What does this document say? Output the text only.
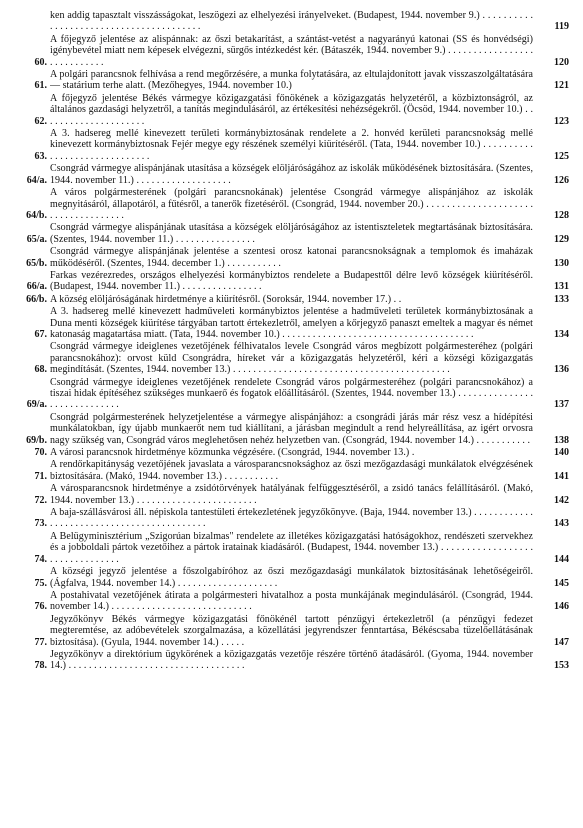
ken addig tapasztalt visszásságokat, leszögezi az elhelyezési irányelveket. (Budapest, 1944. november 9.) . . . . . . . . . . . . . . . . . . . . . . . . . . . . . . . . . . . . . . . .	119
60.
A főjegyző jelentése az alispánnak: az őszi betakarítást, a szántást-vetést a nagyarányú katonai (SS és honvédségi) igénybevétel miatt nem képesek elvégezni, sürgős intézkedést kér. (Bátaszék, 1944. november 9.) . . . . . . . . . . . . . . . . . . . . . . . . . . . .	120
61.
A polgári parancsnok felhívása a rend megőrzésére, a munka folytatására, az eltulajdonított javak visszaszolgáltatására — statárium terhe alatt. (Mezőhegyes, 1944. november 10.)	121
62.
A főjegyző jelentése Békés vármegye közigazgatási főnökének a közigazgatás helyzetéről, a közbiztonságról, az általános gazdasági helyzetről, a tanítás megindulásáról, az értékesítési nehézségekről. (Öcsöd, 1944. november 10.) . . . . . . . . . . . . . . . . . . . . .	123
63.
A 3. hadsereg mellé kinevezett területi kormánybiztosának rendelete a 2. honvéd kerületi parancsnokság mellé kinevezett kormánybiztosnak Fejér megye egy részének személyi kiürítéséről. (Tata, 1944. november 10.) . . . . . . . . . . . . . . . . . . . . . . . . . . . . . .	125
64/a.
Csongrád vármegye alispánjának utasítása a községek elöljáróságához az iskolák működésének biztosítására. (Szentes, 1944. november 11.) . . . . . . . . . . . . . . . . . . .	126
64/b.
A város polgármesterének (polgári parancsnokának) jelentése Csongrád vármegye alispánjához az iskolák megnyitásáról, állapotáról, a fűtésről, a tanerők fizetéséről. (Csongrád, 1944. november 20.) . . . . . . . . . . . . . . . . . . . . . . . . . . . . . . . . . . . .	128
65/a.
Csongrád vármegye alispánjának utasítása a községek elöljáróságához az istentiszteletek megtartásának biztosítására. (Szentes, 1944. november 11.) . . . . . . . . . . . . . . . .	129
65/b.
Csongrád vármegye alispánjának jelentése a szentesi orosz katonai parancsnokságnak a templomok és imaházak működéséről. (Szentes, 1944. december 1.) . . . . . . . . . . .	130
66/a.
Farkas vezérezredes, országos elhelyezési kormánybiztos rendelete a Budapesttől délre levő községek kiürítéséről. (Budapest, 1944. november 11.) . . . . . . . . . . . . . . . .	131
66/b. A község elöljáróságának hirdetménye a kiürítésről. (Soroksár, 1944. november 17.) . .	133
67.
A 3. hadsereg mellé kinevezett hadműveleti kormánybiztos jelentése a hadműveleti területek kormánybiztosának a Duna menti községek kiürítése tárgyában tartott értekezletről, amelyen a kőrjegyző panaszt emeltek a magyar és német katonaság magatartása miatt. (Tata, 1944. november 10.) . . . . . . . . . . . . . . . . . . . . . . . . . . . . . . . . . . . . . .	134
68.
Csongrád vármegye ideiglenes vezetőjének félhivatalos levele Csongrád város megbízott polgármesteréhez (polgári parancsnokához): orvost küld Csongrádra, híreket vár a közigazgatás helyzetéről, kéri a községi közigazgatás megindítását. (Szentes, 1944. november 13.) . . . . . . . . . . . . . . . . . . . . . . . . . . . . . . . . . . . . . . . . . . .	136
69/a.
Csongrád vármegye ideiglenes vezetőjének rendelete Csongrád város polgármesteréhez (polgári parancsnokához) a tiszai hidak építéséhez szükséges munkaerő és fogatok előállításáról. (Szentes, 1944. november 13.) . . . . . . . . . . . . . . . . . . . . . . . . . . . . .	137
69/b.
Csongrád polgármesterének helyzetjelentése a vármegye alispánjához: a csongrádi járás már rész vesz a hídépítési munkálatokban, így újabb munkaerőt nem tud kiállítani, a járásban megindult a rend helyreállítása, az igért orvosra nagy szükség van, Csongrád város meglehetősen nehéz helyzetben van. (Csongrád, 1944. november 14.) . . . . . . . . . . .	138
70. A városi parancsnok hirdetménye közmunka végzésére. (Csongrád, 1944. november 13.) .	140
71.
A rendőrkapitányság vezetőjének javaslata a városparancsnoksághoz az őszi mezőgazdasági munkálatok elvégzésének biztosítására. (Makó, 1944. november 13.) . . . . . . . . . . .	141
72.
A városparancsnok hirdetménye a zsidótörvények hatályának felfüggesztéséről, a zsidó tanács felállításáról. (Makó, 1944. november 13.) . . . . . . . . . . . . . . . . . . . . . . . .	142
73.
A baja-szállásvárosi áll. népiskola tantestületi értekezletének jegyzőkönyve. (Baja, 1944. november 13.) . . . . . . . . . . . . . . . . . . . . . . . . . . . . . . . . . . . . . . . . . . .	143
74.
A Belügyminisztérium „Szigorúan bizalmas" rendelete az illetékes közigazgatási hatóságokhoz, rendészeti szervekhez és a jobboldali pártok vezetőihez a pártok iratainak kiadásáról. (Budapest, 1944. november 13.) . . . . . . . . . . . . . . . . . . . . . . . . . . . . . . . .	144
75.
A községi jegyző jelentése a főszolgabíróhoz az őszi mezőgazdasági munkálatok biztosításának lehetőségeiről. (Ágfalva, 1944. november 14.) . . . . . . . . . . . . . . . . . . . .	145
76.
A postahivatal vezetőjének átirata a polgármesteri hivatalhoz a posta munkájának megindulásáról. (Csongrád, 1944. november 14.) . . . . . . . . . . . . . . . . . . . . . . . . . . . .	146
77.
Jegyzőkönyv Békés vármegye közigazgatási főnökénél tartott pénzügyi értekezletről (a pénzügyi fedezet megteremtése, az adóbevételek szorgalmazása, a közellátási jegyrendszer fenntartása, Békéscsaba tüzelőellátásának biztosítása). (Gyula, 1944. november 14.) . . . . .	147
78.
Jegyzőkönyv a direktórium ügykörének a közigazgatás vezetője részére történő átadásáról. (Gyoma, 1944. november 14.) . . . . . . . . . . . . . . . . . . . . . . . . . . . . . . . . . . .	153
